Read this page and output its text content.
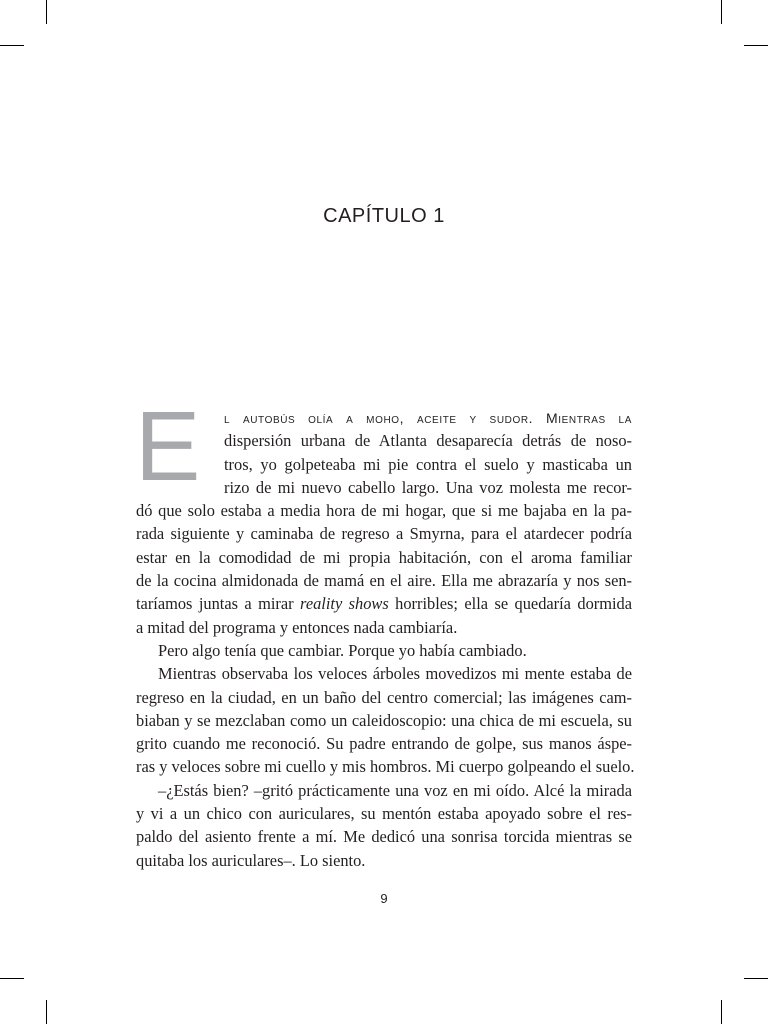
CAPÍTULO 1
E	l autobús olía a moho, aceite y sudor. Mientras la
dispersión urbana de Atlanta desaparecía detrás de noso-
tros, yo golpeteaba mi pie contra el suelo y masticaba un
rizo de mi nuevo cabello largo. Una voz molesta me recor-
dó que solo estaba a media hora de mi hogar, que si me bajaba en la pa-
rada siguiente y caminaba de regreso a Smyrna, para el atardecer podría
estar en la comodidad de mi propia habitación, con el aroma familiar
de la cocina almidonada de mamá en el aire. Ella me abrazaría y nos sen-
taríamos juntas a mirar reality shows horribles; ella se quedaría dormida
a mitad del programa y entonces nada cambiaría.
Pero algo tenía que cambiar. Porque yo había cambiado.
Mientras observaba los veloces árboles movedizos mi mente estaba de
regreso en la ciudad, en un baño del centro comercial; las imágenes cam-
biaban y se mezclaban como un caleidoscopio: una chica de mi escuela, su
grito cuando me reconoció. Su padre entrando de golpe, sus manos áspe-
ras y veloces sobre mi cuello y mis hombros. Mi cuerpo golpeando el suelo.
–¿Estás bien? –gritó prácticamente una voz en mi oído. Alcé la mirada
y vi a un chico con auriculares, su mentón estaba apoyado sobre el res-
paldo del asiento frente a mí. Me dedicó una sonrisa torcida mientras se
quitaba los auriculares–. Lo siento.
9
